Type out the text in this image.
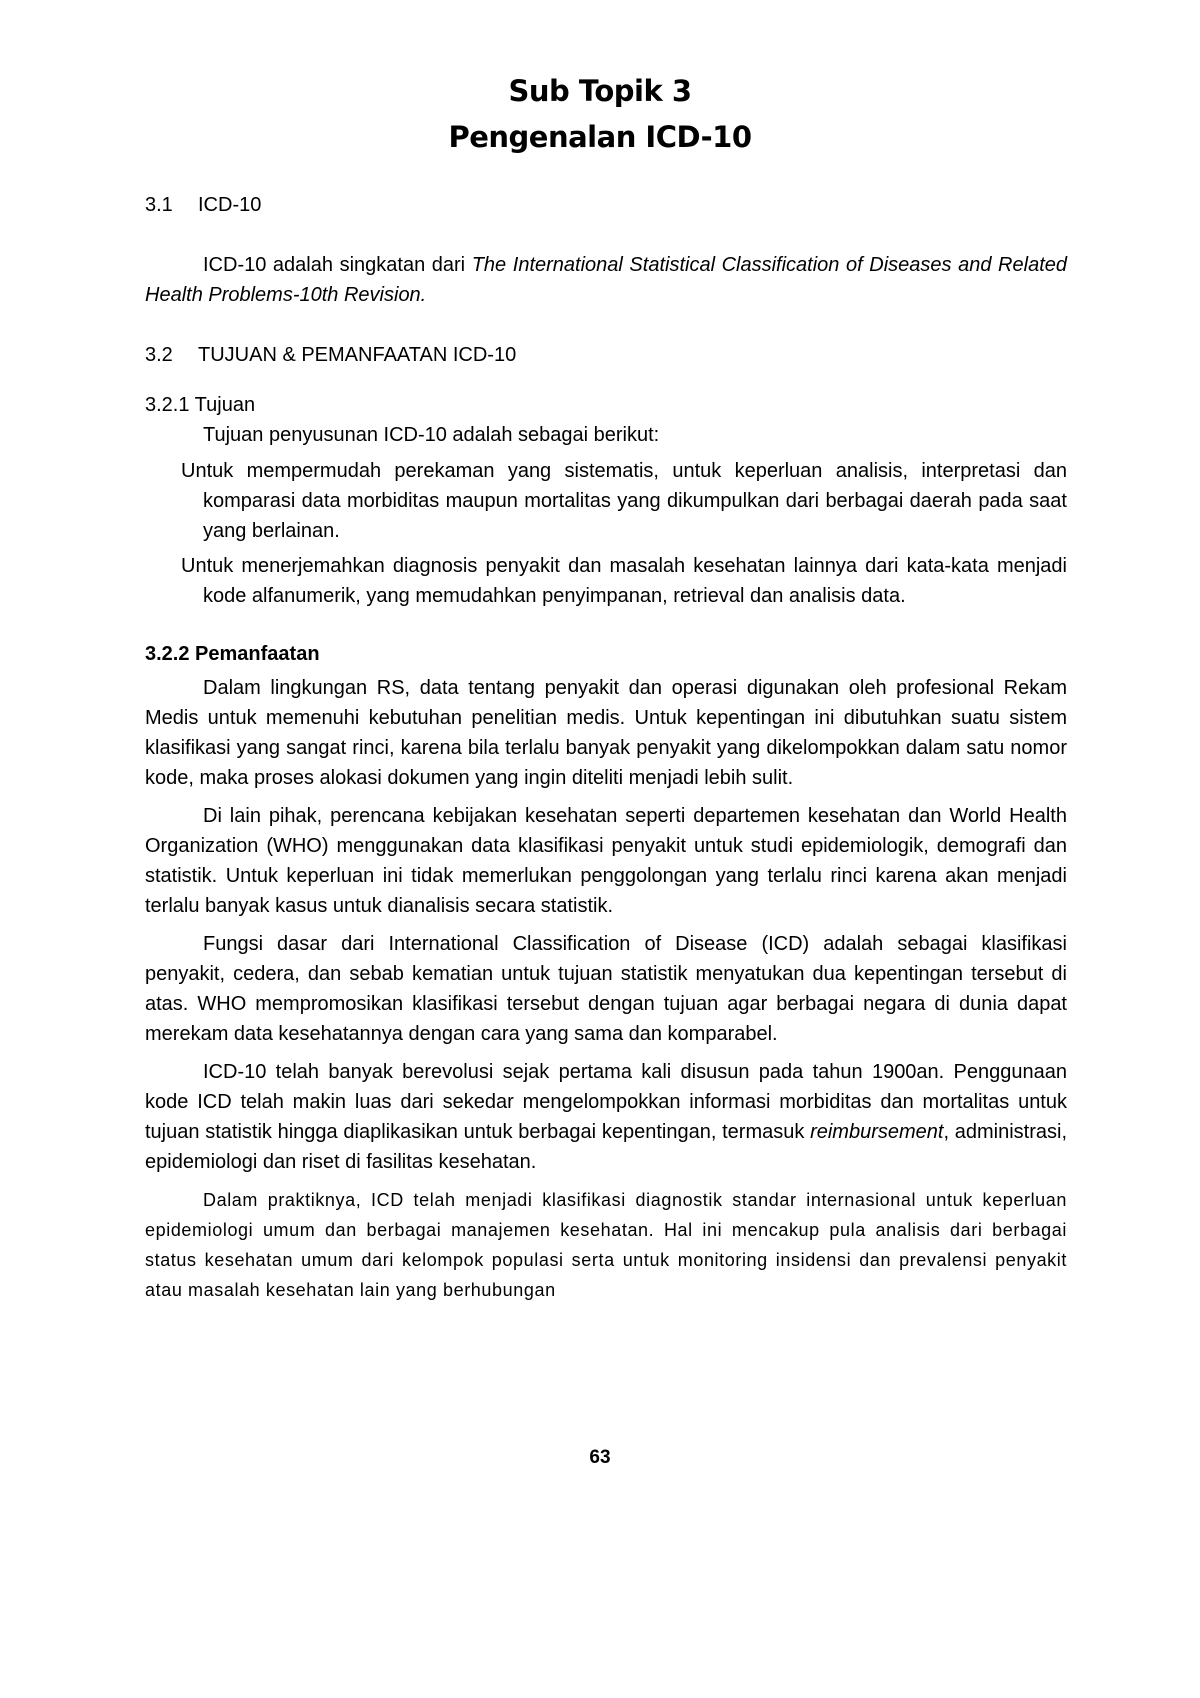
Sub Topik 3
Pengenalan ICD-10
3.1 ICD-10

ICD-10 adalah singkatan dari The International Statistical Classification of Diseases and Related Health Problems-10th Revision.

3.2 TUJUAN & PEMANFAATAN ICD-10
3.2.1 Tujuan

Tujuan penyusunan ICD-10 adalah sebagai berikut:

Untuk mempermudah perekaman yang sistematis, untuk keperluan analisis, interpretasi dan komparasi data morbiditas maupun mortalitas yang dikumpulkan dari berbagai daerah pada saat yang berlainan.

Untuk menerjemahkan diagnosis penyakit dan masalah kesehatan lainnya dari kata-kata menjadi kode alfanumerik, yang memudahkan penyimpanan, retrieval dan analisis data.

3.2.2 Pemanfaatan

Dalam lingkungan RS, data tentang penyakit dan operasi digunakan oleh profesional Rekam Medis untuk memenuhi kebutuhan penelitian medis. Untuk kepentingan ini dibutuhkan suatu sistem klasifikasi yang sangat rinci, karena bila terlalu banyak penyakit yang dikelompokkan dalam satu nomor kode, maka proses alokasi dokumen yang ingin diteliti menjadi lebih sulit.

Di lain pihak, perencana kebijakan kesehatan seperti departemen kesehatan dan World Health Organization (WHO) menggunakan data klasifikasi penyakit untuk studi epidemiologik, demografi dan statistik. Untuk keperluan ini tidak memerlukan penggolongan yang terlalu rinci karena akan menjadi terlalu banyak kasus untuk dianalisis secara statistik.

Fungsi dasar dari International Classification of Disease (ICD) adalah sebagai klasifikasi penyakit, cedera, dan sebab kematian untuk tujuan statistik menyatukan dua kepentingan tersebut di atas. WHO mempromosikan klasifikasi tersebut dengan tujuan agar berbagai negara di dunia dapat merekam data kesehatannya dengan cara yang sama dan komparabel.

ICD-10 telah banyak berevolusi sejak pertama kali disusun pada tahun 1900an. Penggunaan kode ICD telah makin luas dari sekedar mengelompokkan informasi morbiditas dan mortalitas untuk tujuan statistik hingga diaplikasikan untuk berbagai kepentingan, termasuk reimbursement, administrasi, epidemiologi dan riset di fasilitas kesehatan.

Dalam praktiknya, ICD telah menjadi klasifikasi diagnostik standar internasional untuk keperluan epidemiologi umum dan berbagai manajemen kesehatan. Hal ini mencakup pula analisis dari berbagai status kesehatan umum dari kelompok populasi serta untuk monitoring insidensi dan prevalensi penyakit atau masalah kesehatan lain yang berhubungan

63
